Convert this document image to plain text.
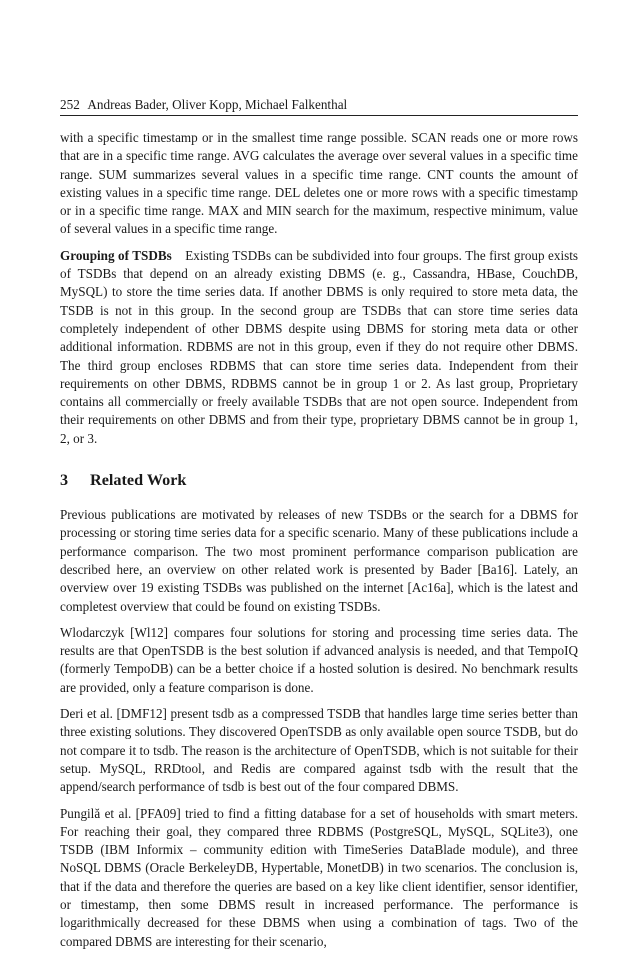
252 Andreas Bader, Oliver Kopp, Michael Falkenthal

with a specific timestamp or in the smallest time range possible. SCAN reads one or more rows that are in a specific time range. AVG calculates the average over several values in a specific time range. SUM summarizes several values in a specific time range. CNT counts the amount of existing values in a specific time range. DEL deletes one or more rows with a specific timestamp or in a specific time range. MAX and MIN search for the maximum, respective minimum, value of several values in a specific time range.

Grouping of TSDBs Existing TSDBs can be subdivided into four groups. The first group exists of TSDBs that depend on an already existing DBMS (e. g., Cassandra, HBase, CouchDB, MySQL) to store the time series data. If another DBMS is only required to store meta data, the TSDB is not in this group. In the second group are TSDBs that can store time series data completely independent of other DBMS despite using DBMS for storing meta data or other additional information. RDBMS are not in this group, even if they do not require other DBMS. The third group encloses RDBMS that can store time series data. Independent from their requirements on other DBMS, RDBMS cannot be in group 1 or 2. As last group, Proprietary contains all commercially or freely available TSDBs that are not open source. Independent from their requirements on other DBMS and from their type, proprietary DBMS cannot be in group 1, 2, or 3.

3 Related Work

Previous publications are motivated by releases of new TSDBs or the search for a DBMS for processing or storing time series data for a specific scenario. Many of these publications include a performance comparison. The two most prominent performance comparison publication are described here, an overview on other related work is presented by Bader [Ba16]. Lately, an overview over 19 existing TSDBs was published on the internet [Ac16a], which is the latest and completest overview that could be found on existing TSDBs.

Wlodarczyk [Wl12] compares four solutions for storing and processing time series data. The results are that OpenTSDB is the best solution if advanced analysis is needed, and that TempoIQ (formerly TempoDB) can be a better choice if a hosted solution is desired. No benchmark results are provided, only a feature comparison is done.

Deri et al. [DMF12] present tsdb as a compressed TSDB that handles large time series better than three existing solutions. They discovered OpenTSDB as only available open source TSDB, but do not compare it to tsdb. The reason is the architecture of OpenTSDB, which is not suitable for their setup. MySQL, RRDtool, and Redis are compared against tsdb with the result that the append/search performance of tsdb is best out of the four compared DBMS.

Pungilă et al. [PFA09] tried to find a fitting database for a set of households with smart meters. For reaching their goal, they compared three RDBMS (PostgreSQL, MySQL, SQLite3), one TSDB (IBM Informix – community edition with TimeSeries DataBlade module), and three NoSQL DBMS (Oracle BerkeleyDB, Hypertable, MonetDB) in two scenarios. The conclusion is, that if the data and therefore the queries are based on a key like client identifier, sensor identifier, or timestamp, then some DBMS result in increased performance. The performance is logarithmically decreased for these DBMS when using a combination of tags. Two of the compared DBMS are interesting for their scenario,
